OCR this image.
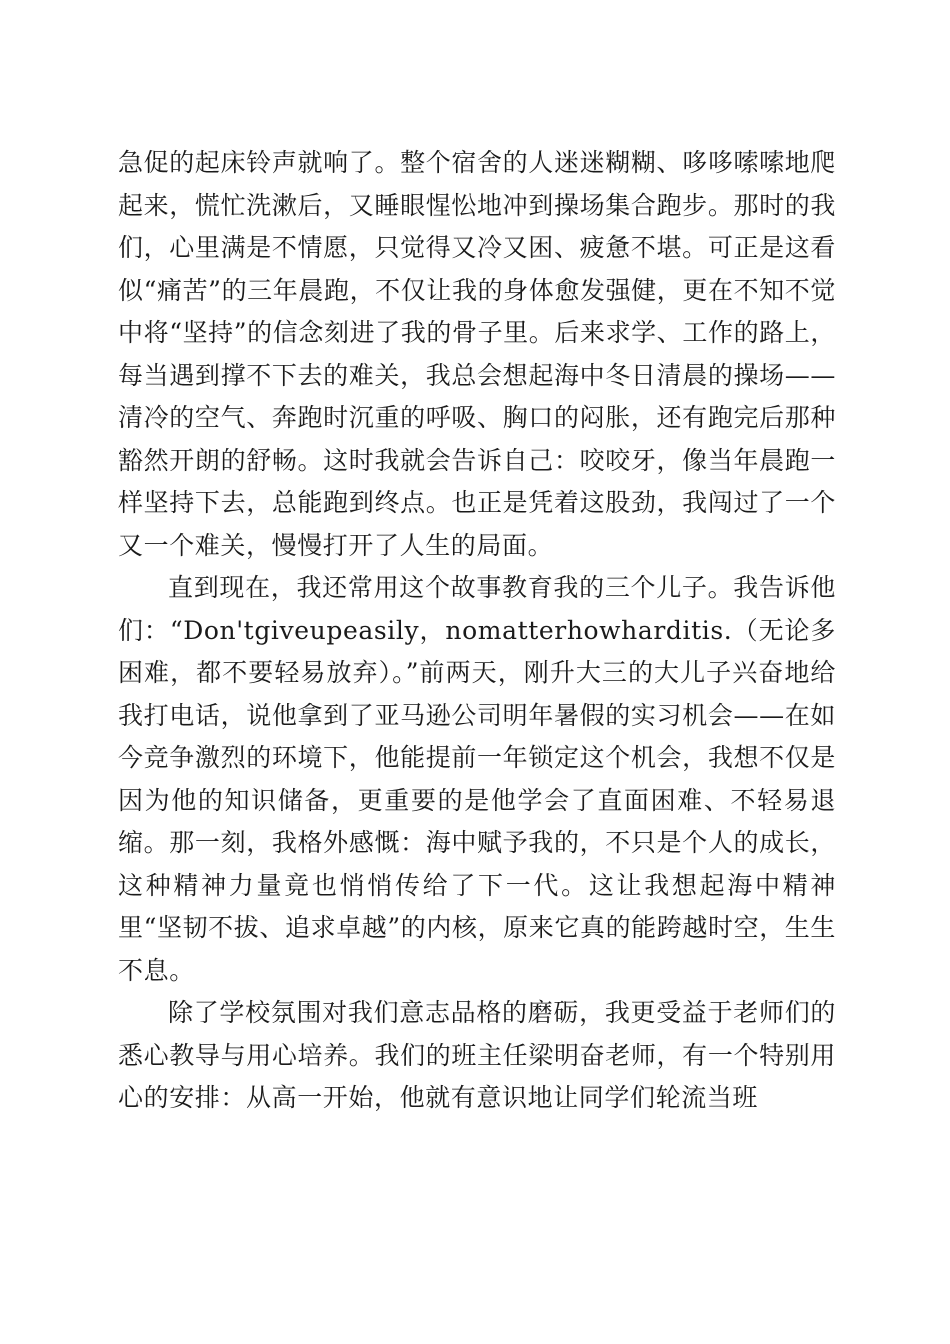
急促的起床铃声就响了。整个宿舍的人迷迷糊糊、哆哆嗦嗦地爬起来，慌忙洗漱后，又睡眼惺忪地冲到操场集合跑步。那时的我们，心里满是不情愿，只觉得又冷又困、疲惫不堪。可正是这看似“痛苦”的三年晨跑，不仅让我的身体愈发强健，更在不知不觉中将“坚持”的信念刻进了我的骨子里。后来求学、工作的路上，每当遇到撑不下去的难关，我总会想起海中冬日清晨的操场——清冷的空气、奔跑时沉重的呼吸、胸口的闷胀，还有跑完后那种豁然开朗的舒畅。这时我就会告诉自己：咬咬牙，像当年晨跑一样坚持下去，总能跑到终点。也正是凭着这股劲，我闯过了一个又一个难关，慢慢打开了人生的局面。

直到现在，我还常用这个故事教育我的三个儿子。我告诉他们：“Don'tgiveupeasily，nomatterhowharditis.（无论多困难，都不要轻易放弃）。”前两天，刚升大三的大儿子兴奋地给我打电话，说他拿到了亚马逊公司明年暑假的实习机会——在如今竞争激烈的环境下，他能提前一年锁定这个机会，我想不仅是因为他的知识储备，更重要的是他学会了直面困难、不轻易退缩。那一刻，我格外感慨：海中赋予我的，不只是个人的成长，这种精神力量竟也悄悄传给了下一代。这让我想起海中精神里“坚韧不拔、追求卓越”的内核，原来它真的能跨越时空，生生不息。

除了学校氛围对我们意志品格的磨砺，我更受益于老师们的悉心教导与用心培养。我们的班主任梁明奋老师，有一个特别用心的安排：从高一开始，他就有意识地让同学们轮流当班
